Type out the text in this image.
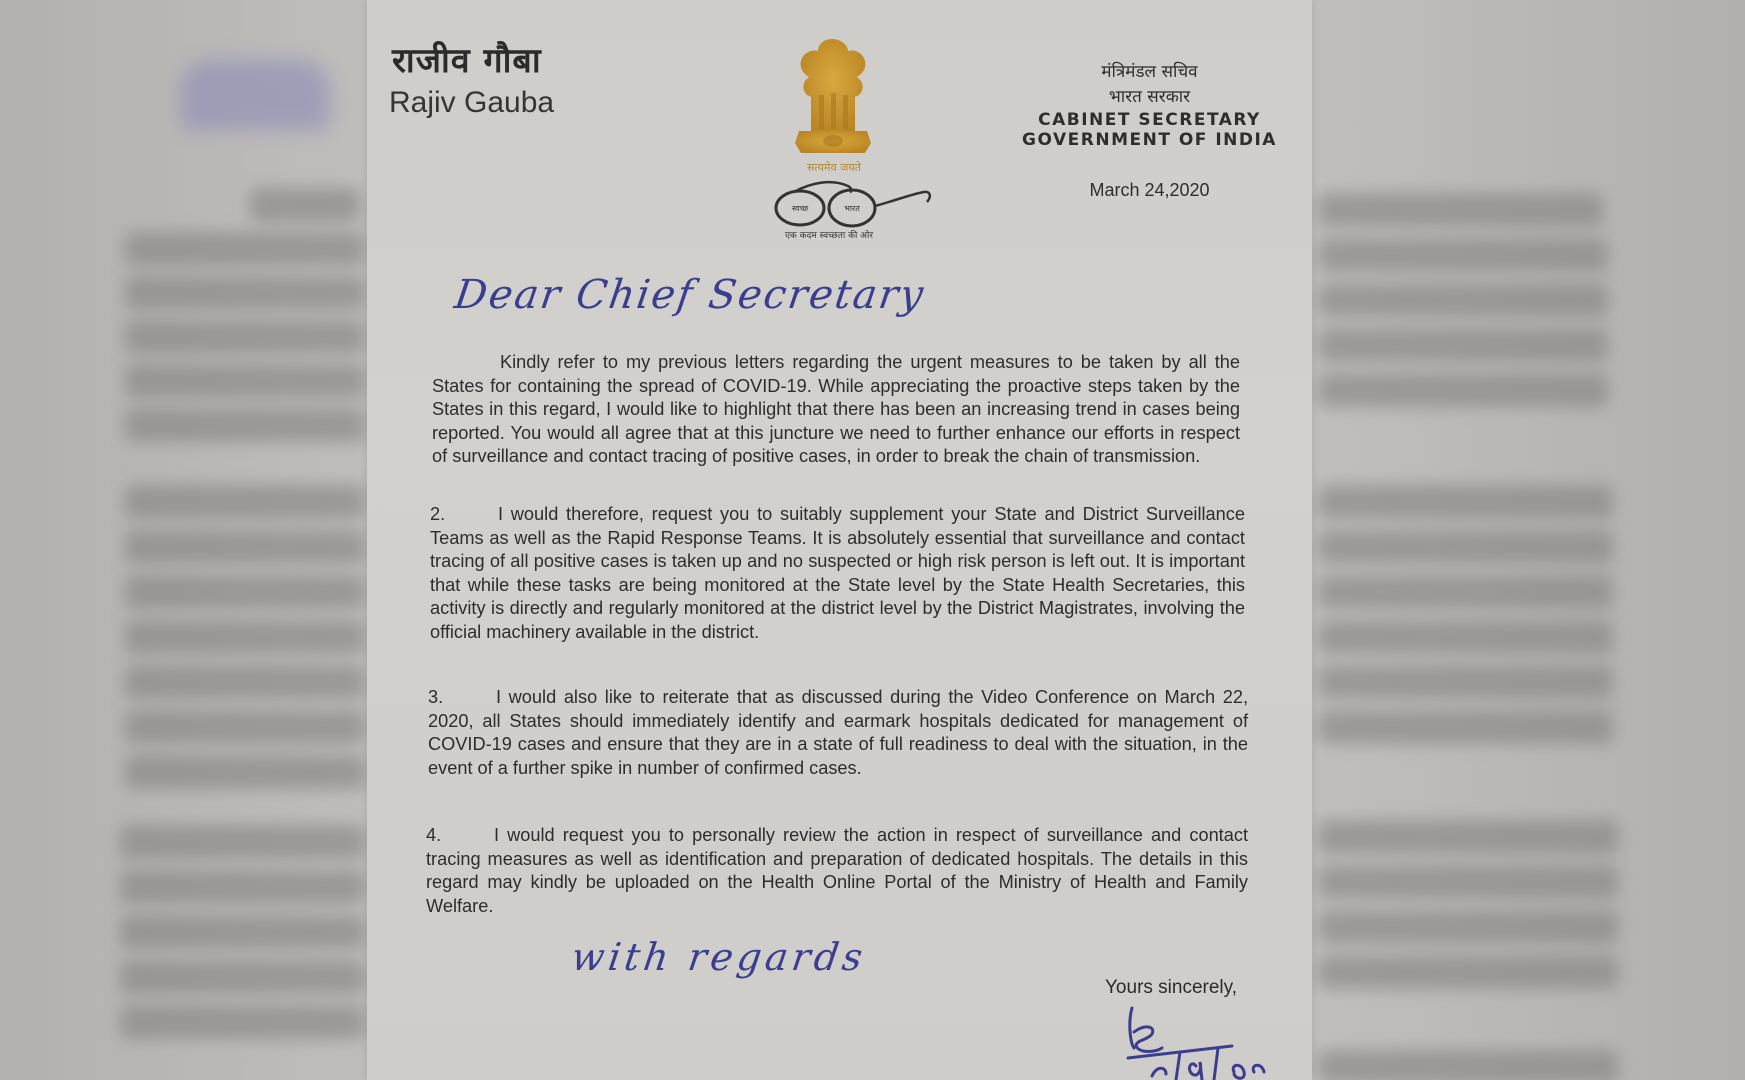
राजीव गौबा
Rajiv Gauba
सत्यमेव जयते
स्वच्छ	भारत
एक कदम स्वच्छता की ओर
मंत्रिमंडल सचिव
भारत सरकार
CABINET SECRETARY
GOVERNMENT OF INDIA
March 24,2020
Dear Chief Secretary
Kindly refer to my previous letters regarding the urgent measures to be taken by all the States for containing the spread of COVID-19. While appreciating the proactive steps taken by the States in this regard, I would like to highlight that there has been an increasing trend in cases being reported. You would all agree that at this juncture we need to further enhance our efforts in respect of surveillance and contact tracing of positive cases, in order to break the chain of transmission.
2.	I would therefore, request you to suitably supplement your State and District Surveillance Teams as well as the Rapid Response Teams. It is absolutely essential that surveillance and contact tracing of all positive cases is taken up and no suspected or high risk person is left out. It is important that while these tasks are being monitored at the State level by the State Health Secretaries, this activity is directly and regularly monitored at the district level by the District Magistrates, involving the official machinery available in the district.
3.	I would also like to reiterate that as discussed during the Video Conference on March 22, 2020, all States should immediately identify and earmark hospitals dedicated for management of COVID-19 cases and ensure that they are in a state of full readiness to deal with the situation, in the event of a further spike in number of confirmed cases.
4.	I would request you to personally review the action in respect of surveillance and contact tracing measures as well as identification and preparation of dedicated hospitals. The details in this regard may kindly be uploaded on the Health Online Portal of the Ministry of Health and Family Welfare.
with regards
Yours sincerely,
